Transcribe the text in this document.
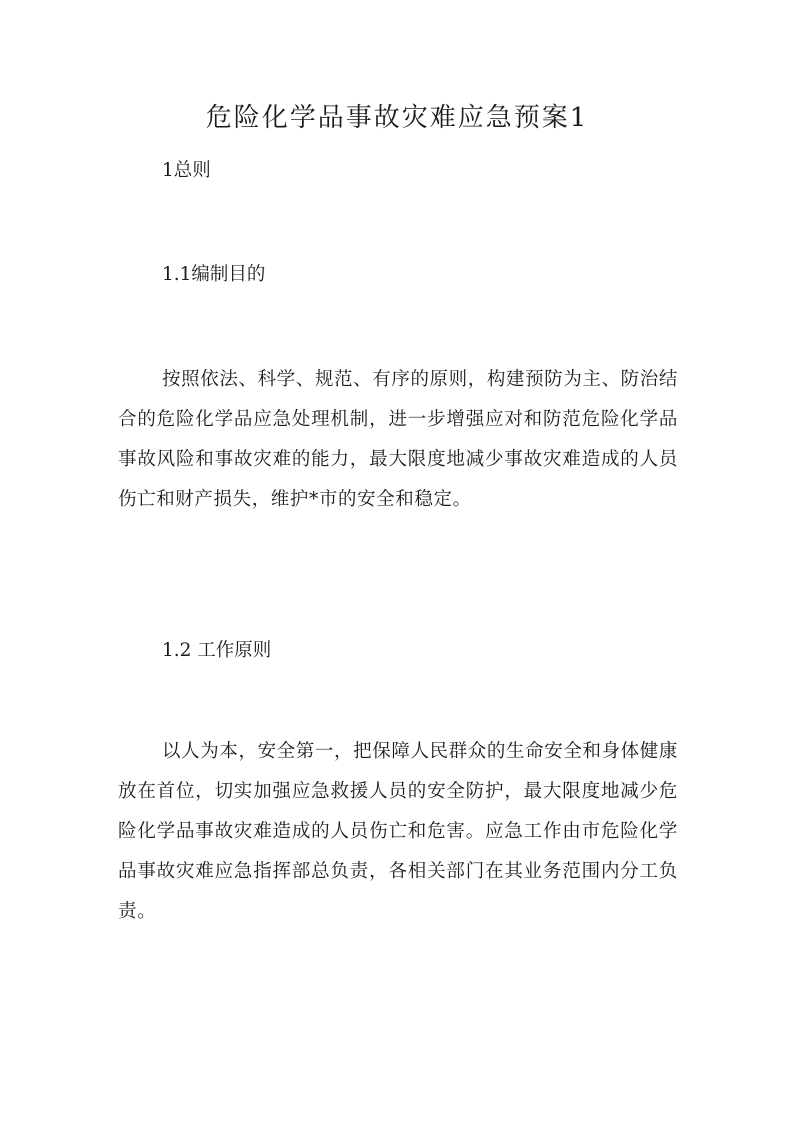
危险化学品事故灾难应急预案1
1总则
1.1编制目的

按照依法、科学、规范、有序的原则，构建预防为主、防治结合的危险化学品应急处理机制，进一步增强应对和防范危险化学品事故风险和事故灾难的能力，最大限度地减少事故灾难造成的人员伤亡和财产损失，维护*市的安全和稳定。

1.2 工作原则

以人为本，安全第一，把保障人民群众的生命安全和身体健康放在首位，切实加强应急救援人员的安全防护，最大限度地减少危险化学品事故灾难造成的人员伤亡和危害。应急工作由市危险化学品事故灾难应急指挥部总负责，各相关部门在其业务范围内分工负责。
